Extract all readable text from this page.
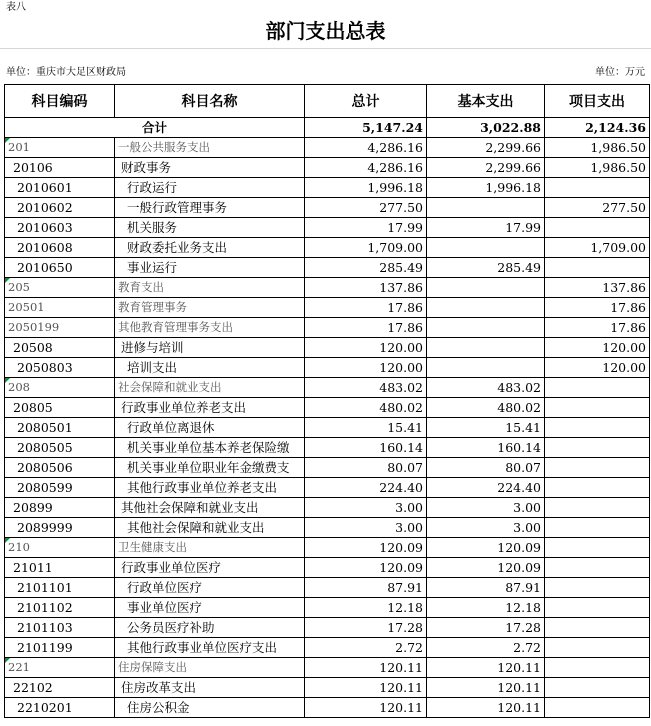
表八
部门支出总表
单位：重庆市大足区财政局	单位：万元
科目编码	科目名称	总计	基本支出	项目支出
合计		5,147.24	3,022.88	2,124.36
201	一般公共服务支出	4,286.16	2,299.66	1,986.50
20106	财政事务	4,286.16	2,299.66	1,986.50
2010601	行政运行	1,996.18	1,996.18	
2010602	一般行政管理事务	277.50		277.50
2010603	机关服务	17.99	17.99	
2010608	财政委托业务支出	1,709.00		1,709.00
2010650	事业运行	285.49	285.49	
205	教育支出	137.86		137.86
20501	教育管理事务	17.86		17.86
2050199	其他教育管理事务支出	17.86		17.86
20508	进修与培训	120.00		120.00
2050803	培训支出	120.00		120.00
208	社会保障和就业支出	483.02	483.02	
20805	行政事业单位养老支出	480.02	480.02	
2080501	行政单位离退休	15.41	15.41	
2080505	机关事业单位基本养老保险缴	160.14	160.14	
2080506	机关事业单位职业年金缴费支	80.07	80.07	
2080599	其他行政事业单位养老支出	224.40	224.40	
20899	其他社会保障和就业支出	3.00	3.00	
2089999	其他社会保障和就业支出	3.00	3.00	
210	卫生健康支出	120.09	120.09	
21011	行政事业单位医疗	120.09	120.09	
2101101	行政单位医疗	87.91	87.91	
2101102	事业单位医疗	12.18	12.18	
2101103	公务员医疗补助	17.28	17.28	
2101199	其他行政事业单位医疗支出	2.72	2.72	
221	住房保障支出	120.11	120.11	
22102	住房改革支出	120.11	120.11	
2210201	住房公积金	120.11	120.11	
